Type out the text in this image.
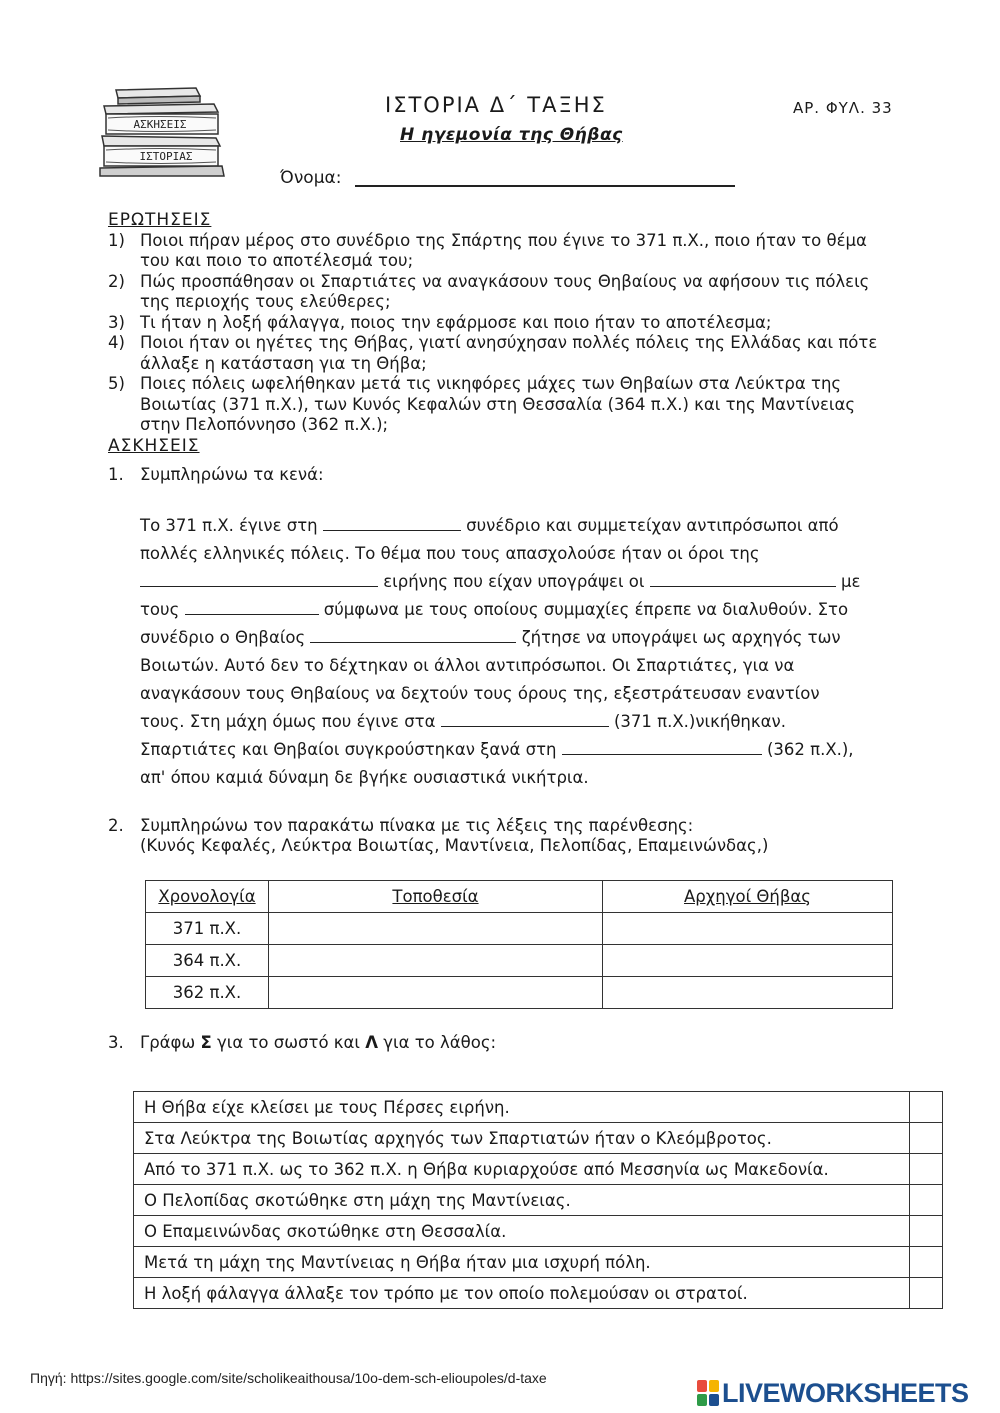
ΑΣΚΗΣΕΙΣ
ΙΣΤΟΡΙΑΣ
ΙΣΤΟΡΙΑ Δ΄ ΤΑΞΗΣ
Η ηγεμονία της Θήβας
ΑΡ. ΦΥΛ. 33
Όνομα:
ΕΡΩΤΗΣΕΙΣ
1) Ποιοι πήραν μέρος στο συνέδριο της Σπάρτης που έγινε το 371 π.Χ., ποιο ήταν το θέμα του και ποιο το αποτέλεσμά του;
2) Πώς προσπάθησαν οι Σπαρτιάτες να αναγκάσουν τους Θηβαίους να αφήσουν τις πόλεις της περιοχής τους ελεύθερες;
3) Τι ήταν η λοξή φάλαγγα, ποιος την εφάρμοσε και ποιο ήταν το αποτέλεσμα;
4) Ποιοι ήταν οι ηγέτες της Θήβας, γιατί ανησύχησαν πολλές πόλεις της Ελλάδας και πότε άλλαξε η κατάσταση για τη Θήβα;
5) Ποιες πόλεις ωφελήθηκαν μετά τις νικηφόρες μάχες των Θηβαίων στα Λεύκτρα της Βοιωτίας (371 π.Χ.), των Κυνός Κεφαλών στη Θεσσαλία (364 π.Χ.) και της Μαντίνειας στην Πελοπόννησο (362 π.Χ.);
ΑΣΚΗΣΕΙΣ
1. Συμπληρώνω τα κενά:

Το 371 π.Χ. έγινε στη	συνέδριο και συμμετείχαν αντιπρόσωποι από

πολλές ελληνικές πόλεις. Το θέμα που τους απασχολούσε ήταν οι όροι της

ειρήνης που είχαν υπογράψει οι	με

τους	σύμφωνα με τους οποίους συμμαχίες έπρεπε να διαλυθούν. Στο

συνέδριο ο Θηβαίος	ζήτησε να υπογράψει ως αρχηγός των

Βοιωτών. Αυτό δεν το δέχτηκαν οι άλλοι αντιπρόσωποι. Οι Σπαρτιάτες, για να

αναγκάσουν τους Θηβαίους να δεχτούν τους όρους της, εξεστράτευσαν εναντίον

τους. Στη μάχη όμως που έγινε στα	(371 π.Χ.)νικήθηκαν.

Σπαρτιάτες και Θηβαίοι συγκρούστηκαν ξανά στη	(362 π.Χ.),

απ' όπου καμιά δύναμη δε βγήκε ουσιαστικά νικήτρια.

2. Συμπληρώνω τον παρακάτω πίνακα με τις λέξεις της παρένθεσης:
(Κυνός Κεφαλές, Λεύκτρα Βοιωτίας, Μαντίνεια, Πελοπίδας, Επαμεινώνδας,)
Χρονολογία	Τοποθεσία	Αρχηγοί Θήβας
371 π.Χ.		
364 π.Χ.		
362 π.Χ.		
3. Γράφω Σ για το σωστό και Λ για το λάθος:
Η Θήβα είχε κλείσει με τους Πέρσες ειρήνη.	
Στα Λεύκτρα της Βοιωτίας αρχηγός των Σπαρτιατών ήταν ο Κλεόμβροτος.	
Από το 371 π.Χ. ως το 362 π.Χ. η Θήβα κυριαρχούσε από Μεσσηνία ως Μακεδονία.	
Ο Πελοπίδας σκοτώθηκε στη μάχη της Μαντίνειας.	
Ο Επαμεινώνδας σκοτώθηκε στη Θεσσαλία.	
Μετά τη μάχη της Μαντίνειας η Θήβα ήταν μια ισχυρή πόλη.	
Η λοξή φάλαγγα άλλαξε τον τρόπο με τον οποίο πολεμούσαν οι στρατοί.	
Πηγή: https://sites.google.com/site/scholikeaithousa/10o-dem-sch-elioupoles/d-taxe	LIVEWORKSHEETS
